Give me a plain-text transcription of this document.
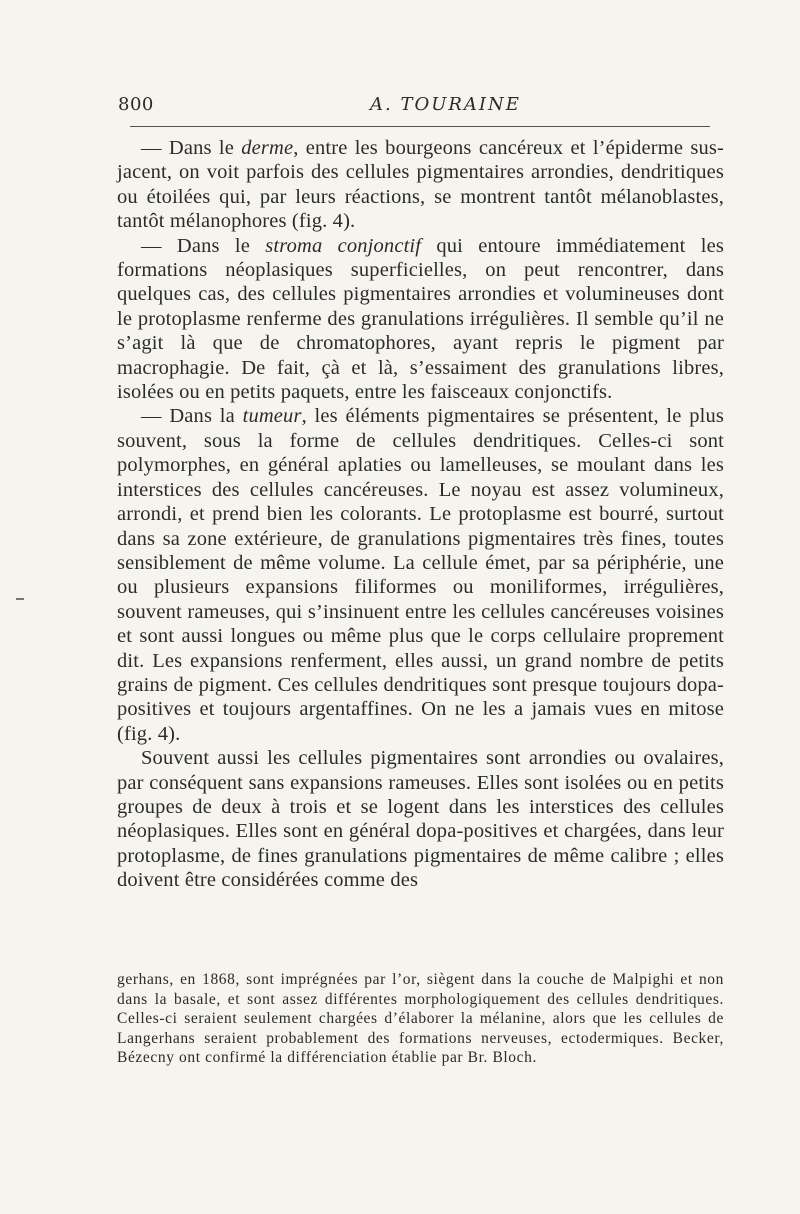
800	A. TOURAINE

— Dans le derme, entre les bourgeons cancéreux et l’épiderme sus-jacent, on voit parfois des cellules pigmentaires arrondies, dendritiques ou étoilées qui, par leurs réactions, se montrent tantôt mélanoblastes, tantôt mélanophores (fig. 4).

— Dans le stroma conjonctif qui entoure immédiatement les formations néoplasiques superficielles, on peut rencontrer, dans quelques cas, des cellules pigmentaires arrondies et volumineuses dont le protoplasme renferme des granulations irrégulières. Il semble qu’il ne s’agit là que de chromatophores, ayant repris le pigment par macrophagie. De fait, çà et là, s’essaiment des granulations libres, isolées ou en petits paquets, entre les faisceaux conjonctifs.

— Dans la tumeur, les éléments pigmentaires se présentent, le plus souvent, sous la forme de cellules dendritiques. Celles-ci sont polymorphes, en général aplaties ou lamelleuses, se moulant dans les interstices des cellules cancéreuses. Le noyau est assez volumineux, arrondi, et prend bien les colorants. Le protoplasme est bourré, surtout dans sa zone extérieure, de granulations pigmentaires très fines, toutes sensiblement de même volume. La cellule émet, par sa périphérie, une ou plusieurs expansions filiformes ou moniliformes, irrégulières, souvent rameuses, qui s’insinuent entre les cellules cancéreuses voisines et sont aussi longues ou même plus que le corps cellulaire proprement dit. Les expansions renferment, elles aussi, un grand nombre de petits grains de pigment. Ces cellules dendritiques sont presque toujours dopa-positives et toujours argentaffines. On ne les a jamais vues en mitose (fig. 4).

Souvent aussi les cellules pigmentaires sont arrondies ou ovalaires, par conséquent sans expansions rameuses. Elles sont isolées ou en petits groupes de deux à trois et se logent dans les interstices des cellules néoplasiques. Elles sont en général dopa-positives et chargées, dans leur protoplasme, de fines granulations pigmentaires de même calibre ; elles doivent être considérées comme des

gerhans, en 1868, sont imprégnées par l’or, siègent dans la couche de Malpighi et non dans la basale, et sont assez différentes morphologiquement des cellules dendritiques. Celles-ci seraient seulement chargées d’élaborer la mélanine, alors que les cellules de Langerhans seraient probablement des formations nerveuses, ectodermiques. Becker, Bézecny ont confirmé la différenciation établie par Br. Bloch.
